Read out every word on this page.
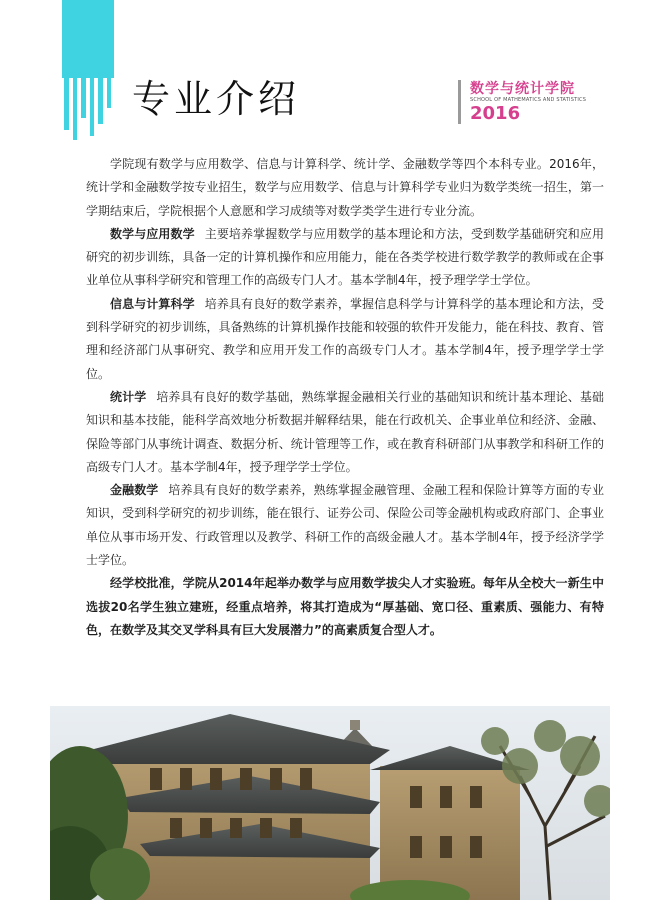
专业介绍	数学与统计学院
SCHOOL OF MATHEMATICS AND STATISTICS
2016

学院现有数学与应用数学、信息与计算科学、统计学、金融数学等四个本科专业。2016年，统计学和金融数学按专业招生，数学与应用数学、信息与计算科学专业归为数学类统一招生，第一学期结束后，学院根据个人意愿和学习成绩等对数学类学生进行专业分流。

数学与应用数学 主要培养掌握数学与应用数学的基本理论和方法，受到数学基础研究和应用研究的初步训练，具备一定的计算机操作和应用能力，能在各类学校进行数学教学的教师或在企事业单位从事科学研究和管理工作的高级专门人才。基本学制4年，授予理学学士学位。

信息与计算科学 培养具有良好的数学素养，掌握信息科学与计算科学的基本理论和方法，受到科学研究的初步训练，具备熟练的计算机操作技能和较强的软件开发能力，能在科技、教育、管理和经济部门从事研究、教学和应用开发工作的高级专门人才。基本学制4年，授予理学学士学位。

统计学 培养具有良好的数学基础，熟练掌握金融相关行业的基础知识和统计基本理论、基础知识和基本技能，能科学高效地分析数据并解释结果，能在行政机关、企事业单位和经济、金融、保险等部门从事统计调查、数据分析、统计管理等工作，或在教育科研部门从事教学和科研工作的高级专门人才。基本学制4年，授予理学学士学位。

金融数学 培养具有良好的数学素养，熟练掌握金融管理、金融工程和保险计算等方面的专业知识，受到科学研究的初步训练，能在银行、证券公司、保险公司等金融机构或政府部门、企事业单位从事市场开发、行政管理以及教学、科研工作的高级金融人才。基本学制4年，授予经济学学士学位。

经学校批准，学院从2014年起举办数学与应用数学拔尖人才实验班。每年从全校大一新生中选拔20名学生独立建班，经重点培养，将其打造成为“厚基础、宽口径、重素质、强能力、有特色，在数学及其交叉学科具有巨大发展潜力”的高素质复合型人才。
